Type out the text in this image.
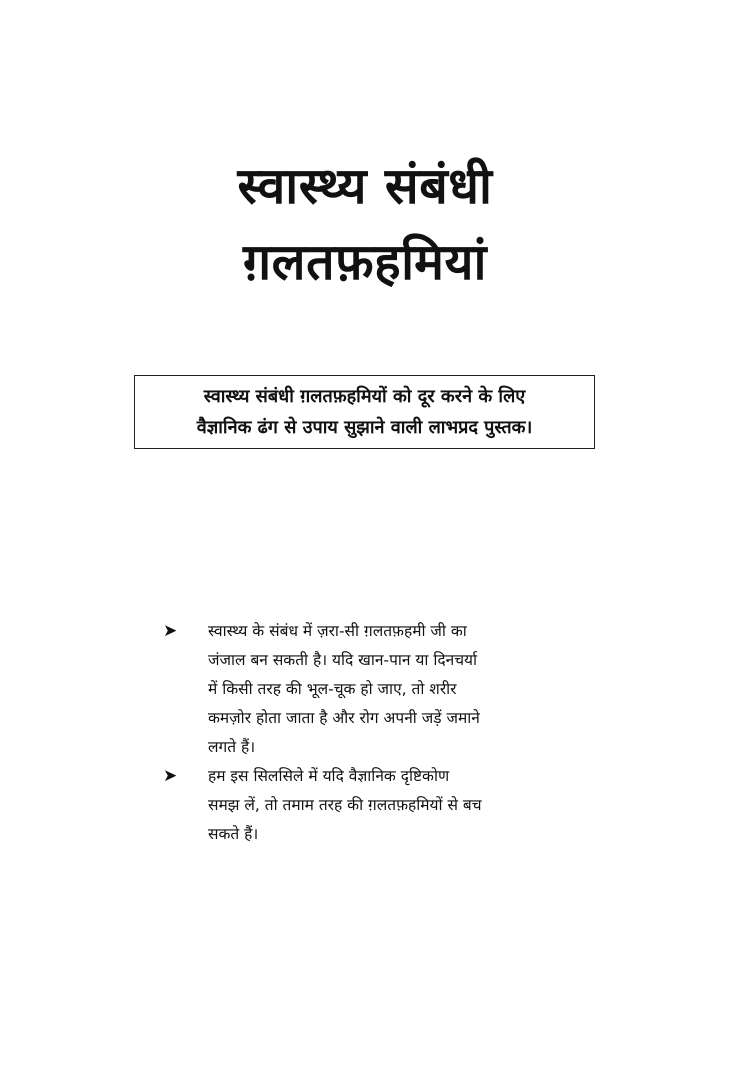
स्वास्थ्य संबंधी
ग़लतफ़हमियां
स्वास्थ्य संबंधी ग़लतफ़हमियों को दूर करने के लिए
वैज्ञानिक ढंग से उपाय सुझाने वाली लाभप्रद पुस्तक।
➤	स्वास्थ्य के संबंध में ज़रा-सी ग़लतफ़हमी जी का
जंजाल बन सकती है। यदि खान-पान या दिनचर्या
में किसी तरह की भूल-चूक हो जाए, तो शरीर
कमज़ोर होता जाता है और रोग अपनी जड़ें जमाने
लगते हैं।
➤	हम इस सिलसिले में यदि वैज्ञानिक दृष्टिकोण
समझ लें, तो तमाम तरह की ग़लतफ़हमियों से बच
सकते हैं।
